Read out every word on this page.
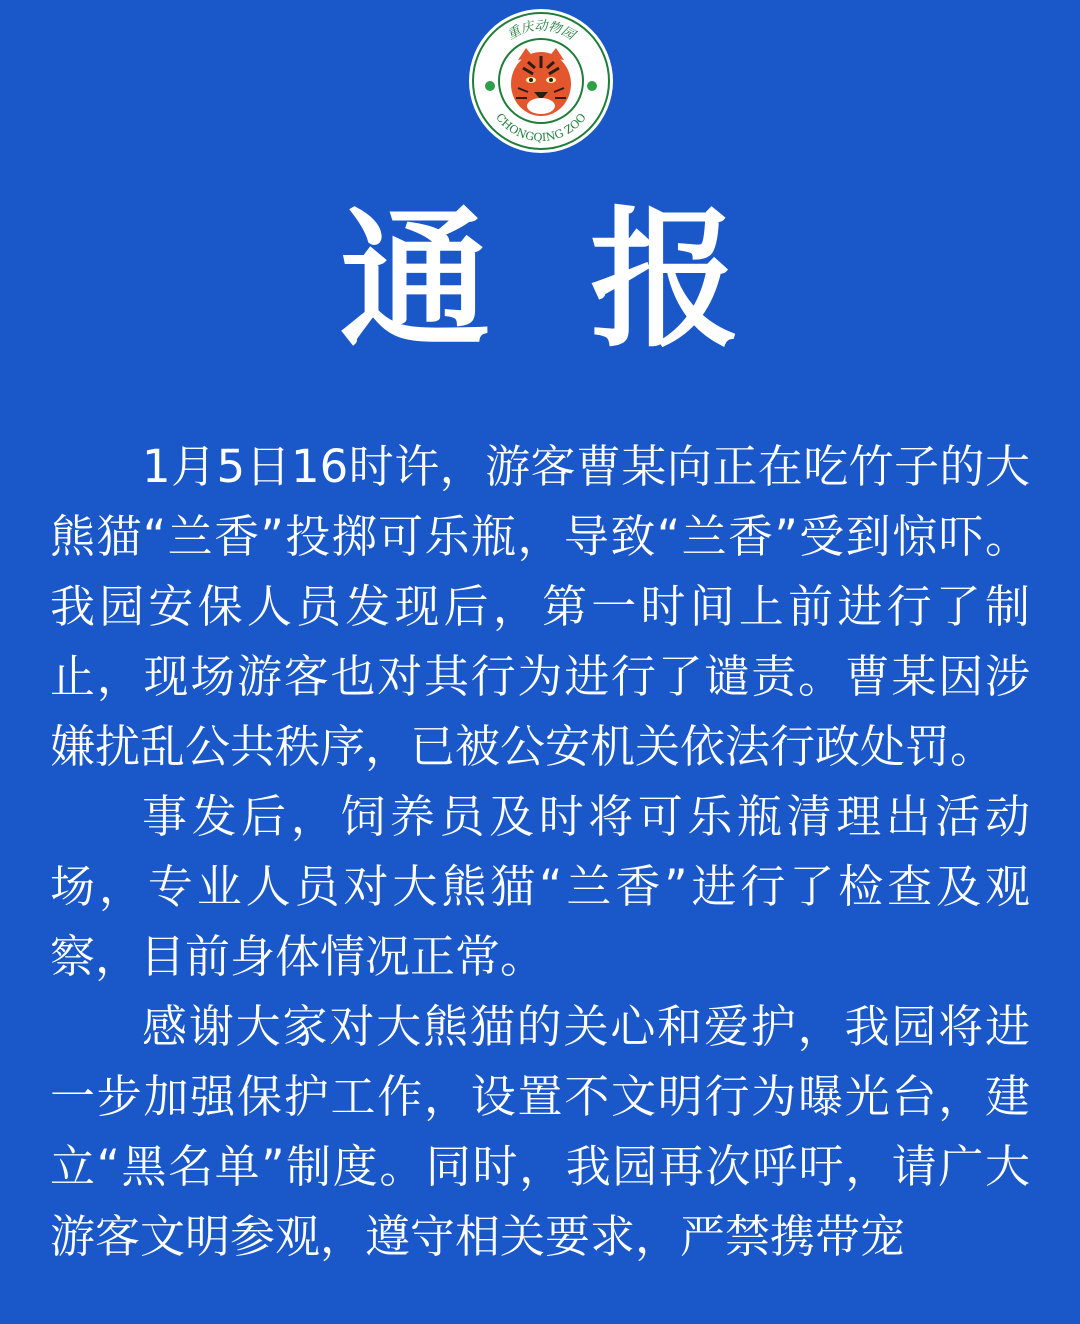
重庆动物园
CHONGQING ZOO
通报

1月5日16时许，游客曹某向正在吃竹子的大熊猫“兰香”投掷可乐瓶，导致“兰香”受到惊吓。我园安保人员发现后，第一时间上前进行了制止，现场游客也对其行为进行了谴责。曹某因涉嫌扰乱公共秩序，已被公安机关依法行政处罚。

事发后，饲养员及时将可乐瓶清理出活动场，专业人员对大熊猫“兰香”进行了检查及观察，目前身体情况正常。

感谢大家对大熊猫的关心和爱护，我园将进一步加强保护工作，设置不文明行为曝光台，建立“黑名单”制度。同时，我园再次呼吁，请广大游客文明参观，遵守相关要求，严禁携带宠
